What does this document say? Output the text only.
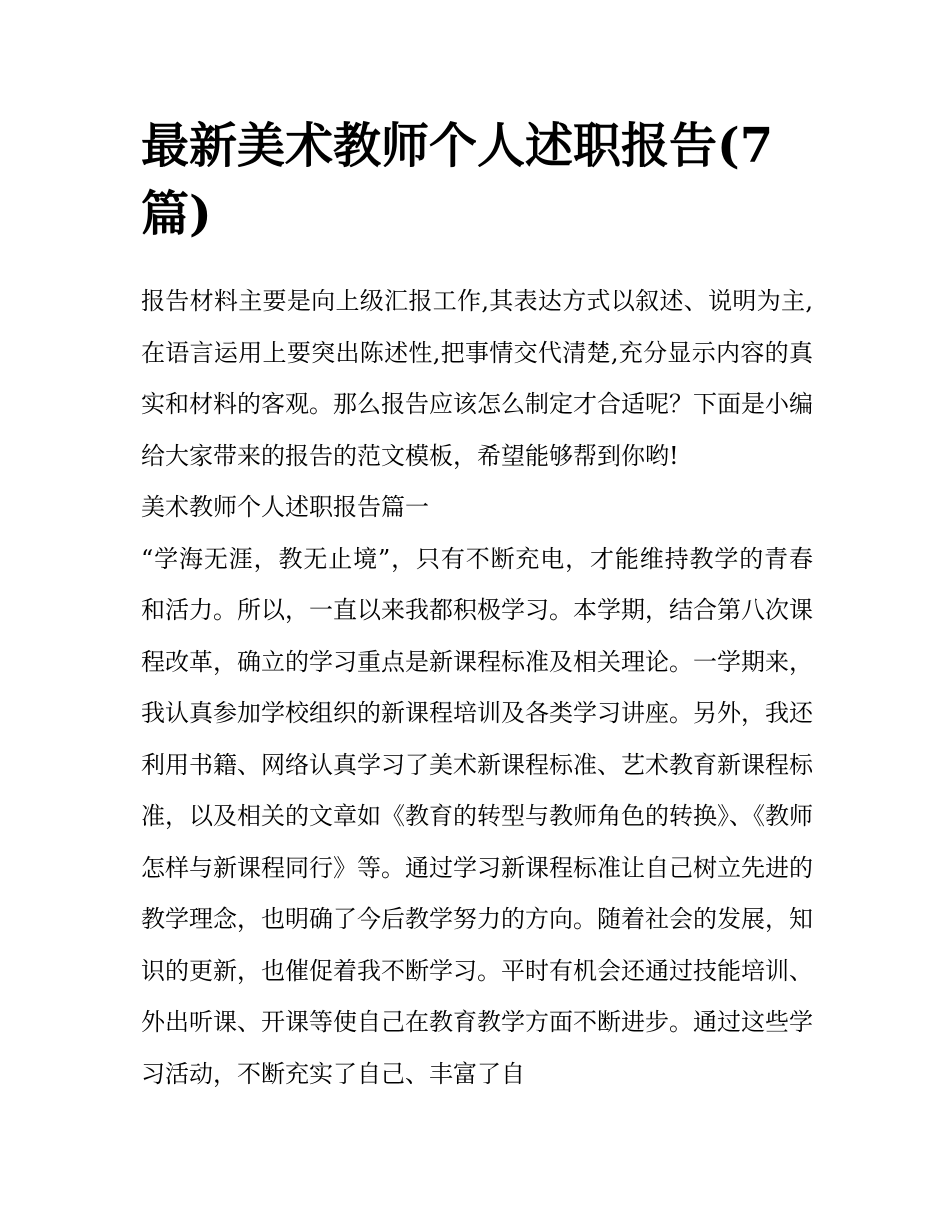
最新美术教师个人述职报告(7篇)

报告材料主要是向上级汇报工作,其表达方式以叙述、说明为主,在语言运用上要突出陈述性,把事情交代清楚,充分显示内容的真实和材料的客观。那么报告应该怎么制定才合适呢？下面是小编给大家带来的报告的范文模板，希望能够帮到你哟!

美术教师个人述职报告篇一

“学海无涯，教无止境”，只有不断充电，才能维持教学的青春和活力。所以，一直以来我都积极学习。本学期，结合第八次课程改革，确立的学习重点是新课程标准及相关理论。一学期来，我认真参加学校组织的新课程培训及各类学习讲座。另外，我还利用书籍、网络认真学习了美术新课程标准、艺术教育新课程标准，以及相关的文章如《教育的转型与教师角色的转换》、《教师怎样与新课程同行》等。通过学习新课程标准让自己树立先进的教学理念，也明确了今后教学努力的方向。随着社会的发展，知识的更新，也催促着我不断学习。平时有机会还通过技能培训、外出听课、开课等使自己在教育教学方面不断进步。通过这些学习活动，不断充实了自己、丰富了自
